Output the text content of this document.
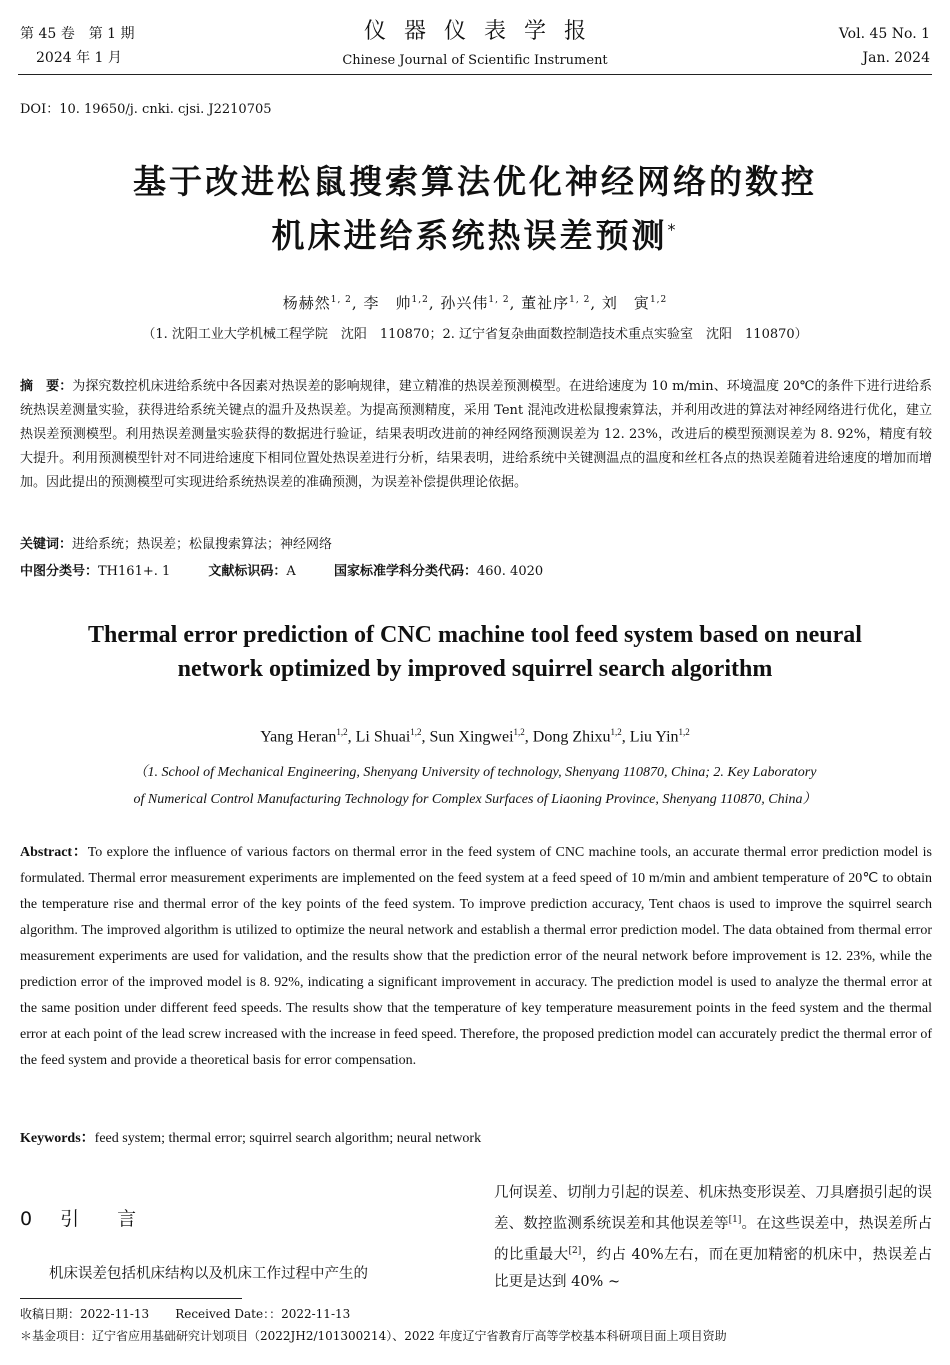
第 45 卷　第 1 期
2024 年 1 月
仪器仪表学报
Chinese Journal of Scientific Instrument
Vol. 45 No. 1
Jan. 2024
DOI：10. 19650/j. cnki. cjsi. J2210705
基于改进松鼠搜索算法优化神经网络的数控
机床进给系统热误差预测*
杨赫然$^{1, 2}$, 李　帅$^{1,2}$, 孙兴伟$^{1, 2}$, 董祉序$^{1, 2}$, 刘　寅$^{1,2}$
（1. 沈阳工业大学机械工程学院　沈阳　110870；2. 辽宁省复杂曲面数控制造技术重点实验室　沈阳　110870）
摘　要：为探究数控机床进给系统中各因素对热误差的影响规律，建立精准的热误差预测模型。在进给速度为 10 m/min、环境温度 20℃的条件下进行进给系统热误差测量实验，获得进给系统关键点的温升及热误差。为提高预测精度，采用 Tent 混沌改进松鼠搜索算法，并利用改进的算法对神经网络进行优化，建立热误差预测模型。利用热误差测量实验获得的数据进行验证，结果表明改进前的神经网络预测误差为 12. 23%，改进后的模型预测误差为 8. 92%，精度有较大提升。利用预测模型针对不同进给速度下相同位置处热误差进行分析，结果表明，进给系统中关键测温点的温度和丝杠各点的热误差随着进给速度的增加而增加。因此提出的预测模型可实现进给系统热误差的准确预测，为误差补偿提供理论依据。
关键词：进给系统；热误差；松鼠搜索算法；神经网络
中图分类号：TH161+. 1	文献标识码：A	国家标准学科分类代码：460. 4020
Thermal error prediction of CNC machine tool feed system based on neural
network optimized by improved squirrel search algorithm
Yang Heran$^{1,2}$, Li Shuai$^{1,2}$, Sun Xingwei$^{1,2}$, Dong Zhixu$^{1,2}$, Liu Yin$^{1,2}$
（1. School of Mechanical Engineering, Shenyang University of technology, Shenyang 110870, China; 2. Key Laboratory
of Numerical Control Manufacturing Technology for Complex Surfaces of Liaoning Province, Shenyang 110870, China）
Abstract：To explore the influence of various factors on thermal error in the feed system of CNC machine tools, an accurate thermal error prediction model is formulated. Thermal error measurement experiments are implemented on the feed system at a feed speed of 10 m/min and ambient temperature of 20℃ to obtain the temperature rise and thermal error of the key points of the feed system. To improve prediction accuracy, Tent chaos is used to improve the squirrel search algorithm. The improved algorithm is utilized to optimize the neural network and establish a thermal error prediction model. The data obtained from thermal error measurement experiments are used for validation, and the results show that the prediction error of the neural network before improvement is 12. 23%, while the prediction error of the improved model is 8. 92%, indicating a significant improvement in accuracy. The prediction model is used to analyze the thermal error at the same position under different feed speeds. The results show that the temperature of key temperature measurement points in the feed system and the thermal error at each point of the lead screw increased with the increase in feed speed. Therefore, the proposed prediction model can accurately predict the thermal error of the feed system and provide a theoretical basis for error compensation.
Keywords：feed system; thermal error; squirrel search algorithm; neural network
0 引言
机床误差包括机床结构以及机床工作过程中产生的
几何误差、切削力引起的误差、机床热变形误差、刀具磨损引起的误差、数控监测系统误差和其他误差等[1]。在这些误差中，热误差所占的比重最大[2]，约占 40%左右，而在更加精密的机床中，热误差占比更是达到 40% ~
收稿日期：2022-11-13 Received Date：：2022-11-13
＊基金项目：辽宁省应用基础研究计划项目（2022JH2/101300214）、2022 年度辽宁省教育厅高等学校基本科研项目面上项目资助
